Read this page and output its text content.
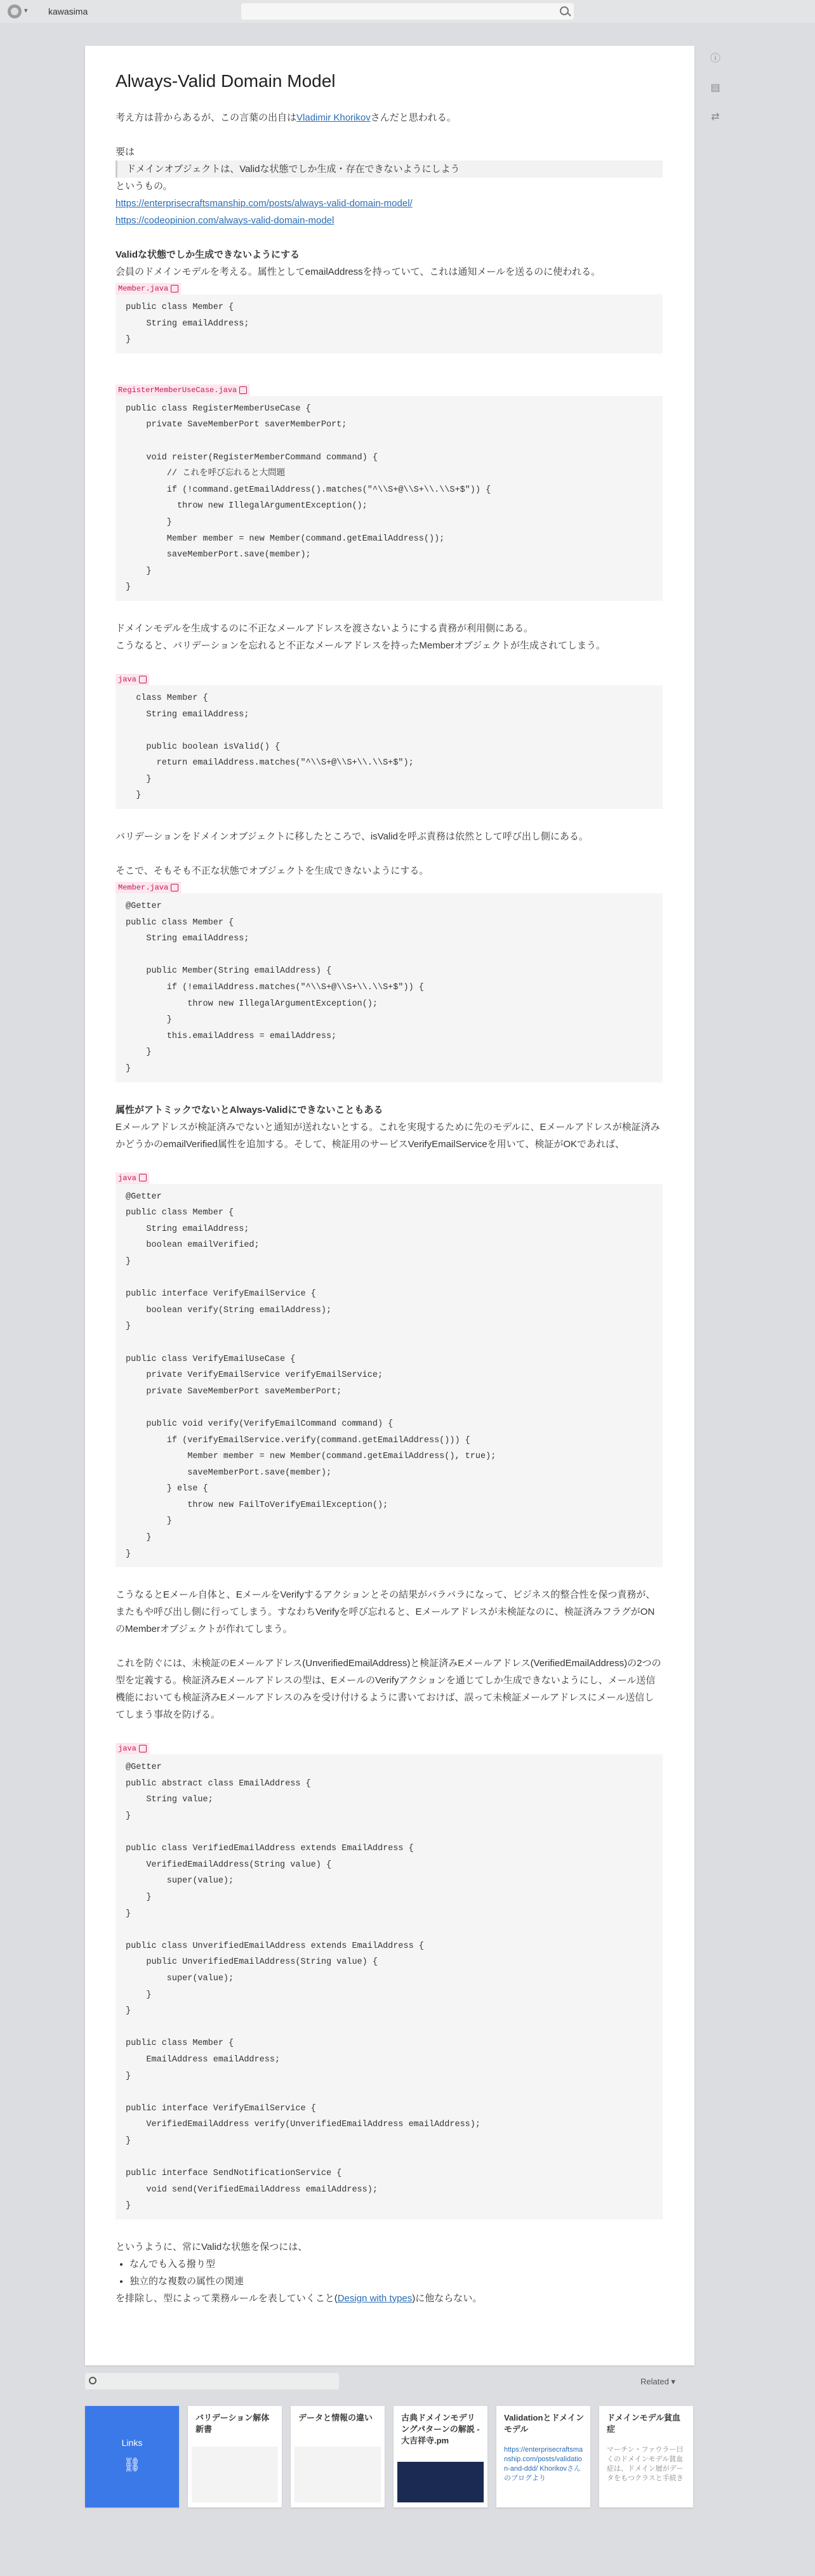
▾ kawasima
ⓘ
▤
⇄
Always-Valid Domain Model
考え方は昔からあるが、この言葉の出自はVladimir Khorikovさんだと思われる。
要は
ドメインオブジェクトは、Validな状態でしか生成・存在できないようにしよう
というもの。
https://enterprisecraftsmanship.com/posts/always-valid-domain-model/
https://codeopinion.com/always-valid-domain-model
Validな状態でしか生成できないようにする
会員のドメインモデルを考える。属性としてemailAddressを持っていて、これは通知メールを送るのに使われる。
Member.java
public class Member {
String emailAddress;
}
RegisterMemberUseCase.java
public class RegisterMemberUseCase {
private SaveMemberPort saverMemberPort;

void reister(RegisterMemberCommand command) {
// これを呼び忘れると大問題
if (!command.getEmailAddress().matches("^\\S+@\\S+\\.\\S+$")) {
throw new IllegalArgumentException();
}
Member member = new Member(command.getEmailAddress());
saveMemberPort.save(member);
}
}
ドメインモデルを生成するのに不正なメールアドレスを渡さないようにする責務が利用側にある。
こうなると、バリデーションを忘れると不正なメールアドレスを持ったMemberオブジェクトが生成されてしまう。
java
class Member {
String emailAddress;

public boolean isValid() {
return emailAddress.matches("^\\S+@\\S+\\.\\S+$");
}
}
バリデーションをドメインオブジェクトに移したところで、isValidを呼ぶ責務は依然として呼び出し側にある。
そこで、そもそも不正な状態でオブジェクトを生成できないようにする。
Member.java
@Getter
public class Member {
String emailAddress;

public Member(String emailAddress) {
if (!emailAddress.matches("^\\S+@\\S+\\.\\S+$")) {
throw new IllegalArgumentException();
}
this.emailAddress = emailAddress;
}
}
属性がアトミックでないとAlways-Validにできないこともある
Eメールアドレスが検証済みでないと通知が送れないとする。これを実現するために先のモデルに、Eメールアドレスが検証済みかどうかのemailVerified属性を追加する。そして、検証用のサービスVerifyEmailServiceを用いて、検証がOKであれば、
java
@Getter
public class Member {
String emailAddress;
boolean emailVerified;
}

public interface VerifyEmailService {
boolean verify(String emailAddress);
}

public class VerifyEmailUseCase {
private VerifyEmailService verifyEmailService;
private SaveMemberPort saveMemberPort;

public void verify(VerifyEmailCommand command) {
if (verifyEmailService.verify(command.getEmailAddress())) {
Member member = new Member(command.getEmailAddress(), true);
saveMemberPort.save(member);
} else {
throw new FailToVerifyEmailException();
}
}
}
こうなるとEメール自体と、EメールをVerifyするアクションとその結果がバラバラになって、ビジネス的整合性を保つ責務が、またもや呼び出し側に行ってしまう。すなわちVerifyを呼び忘れると、Eメールアドレスが未検証なのに、検証済みフラグがONのMemberオブジェクトが作れてしまう。
これを防ぐには、未検証のEメールアドレス(UnverifiedEmailAddress)と検証済みEメールアドレス(VerifiedEmailAddress)の2つの型を定義する。検証済みEメールアドレスの型は、EメールのVerifyアクションを通じてしか生成できないようにし、メール送信機能においても検証済みEメールアドレスのみを受け付けるように書いておけば、誤って未検証メールアドレスにメール送信してしまう事故を防げる。
java
@Getter
public abstract class EmailAddress {
String value;
}

public class VerifiedEmailAddress extends EmailAddress {
VerifiedEmailAddress(String value) {
super(value);
}
}

public class UnverifiedEmailAddress extends EmailAddress {
public UnverifiedEmailAddress(String value) {
super(value);
}
}

public class Member {
EmailAddress emailAddress;
}

public interface VerifyEmailService {
VerifiedEmailAddress verify(UnverifiedEmailAddress emailAddress);
}

public interface SendNotificationService {
void send(VerifiedEmailAddress emailAddress);
}
というように、常にValidな状態を保つには、
• なんでも入る撥り型
• 独立的な複数の属性の関連
を排除し、型によって業務ルールを表していくこと(Design with types)に他ならない。
Related ▾
Links
⛓
バリデーション解体新書
データと情報の違い	古典ドメインモデリングパターンの解説 - 大吉祥寺.pm
Validationとドメインモデル
https://enterprisecraftsmanship.com/posts/validation-and-ddd/ Khorikovさんのブログより
ドメインモデル貧血症
マーチン・ファウラー曰くのドメインモデル貧血症は、ドメイン層がデータをもつクラスと手続き
